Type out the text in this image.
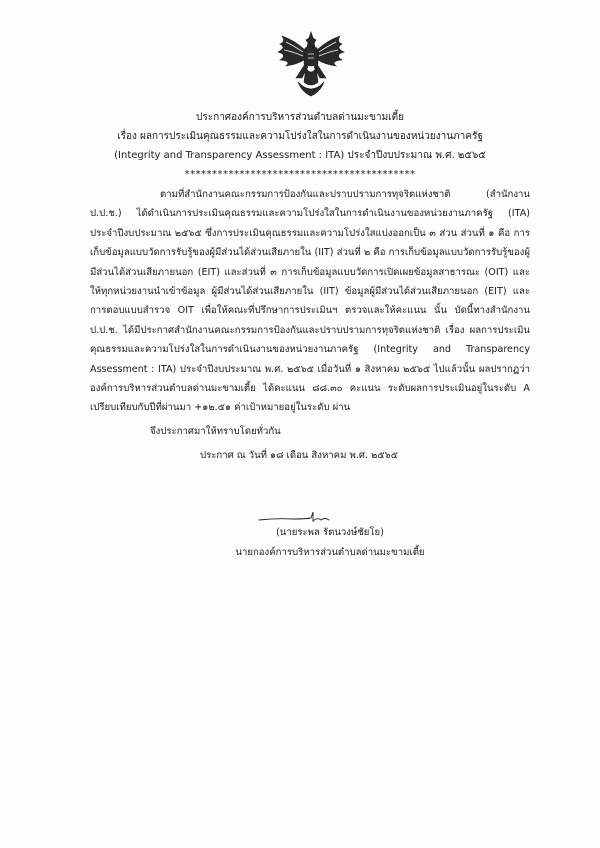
ประกาศองค์การบริหารส่วนตำบลด่านมะขามเตี้ย
เรื่อง ผลการประเมินคุณธรรมและความโปร่งใสในการดำเนินงานของหน่วยงานภาครัฐ
(Integrity and Transparency Assessment : ITA) ประจำปีงบประมาณ พ.ศ. ๒๕๖๕
******************************************
ตามที่สำนักงานคณะกรรมการป้องกันและปราบปรามการทุจริตแห่งชาติ (สำนักงาน ป.ป.ช.) ได้ดำเนินการประเมินคุณธรรมและความโปร่งใสในการดำเนินงานของหน่วยงานภาครัฐ (ITA) ประจำปีงบประมาณ ๒๕๖๕ ซึ่งการประเมินคุณธรรมและความโปร่งใสแบ่งออกเป็น ๓ ส่วน ส่วนที่ ๑ คือ การเก็บข้อมูลแบบวัดการรับรู้ของผู้มีส่วนได้ส่วนเสียภายใน (IIT) ส่วนที่ ๒ คือ การเก็บข้อมูลแบบวัดการรับรู้ของผู้มีส่วนได้ส่วนเสียภายนอก (EIT) และส่วนที่ ๓ การเก็บข้อมูลแบบวัดการเปิดเผยข้อมูลสาธารณะ (OIT) และให้ทุกหน่วยงานนำเข้าข้อมูล ผู้มีส่วนได้ส่วนเสียภายใน (IIT) ข้อมูลผู้มีส่วนได้ส่วนเสียภายนอก (EIT) และการตอบแบบสำรวจ OIT เพื่อให้คณะที่ปรึกษาการประเมินฯ ตรวจและให้คะแนน นั้น บัดนี้ทางสำนักงานป.ป.ช. ได้มีประกาศสำนักงานคณะกรรมการป้องกันและปราบปรามการทุจริตแห่งชาติ เรื่อง ผลการประเมินคุณธรรมและความโปร่งใสในการดำเนินงานของหน่วยงานภาครัฐ (Integrity and Transparency Assessment : ITA) ประจำปีงบประมาณ พ.ศ. ๒๕๖๕ เมื่อวันที่ ๑ สิงหาคม ๒๕๖๕ ไปแล้วนั้น ผลปรากฏว่าองค์การบริหารส่วนตำบลด่านมะขามเตี้ย ได้คะแนน ๘๘.๓๐ คะแนน ระดับผลการประเมินอยู่ในระดับ A เปรียบเทียบกับปีที่ผ่านมา +๑๒.๕๑ ค่าเป้าหมายอยู่ในระดับ ผ่าน
จึงประกาศมาให้ทราบโดยทั่วกัน
ประกาศ ณ วันที่ ๑๘ เดือน สิงหาคม พ.ศ. ๒๕๖๕
(นายระพล รัตนวงษ์ชัยโย)
นายกองค์การบริหารส่วนตำบลด่านมะขามเตี้ย
